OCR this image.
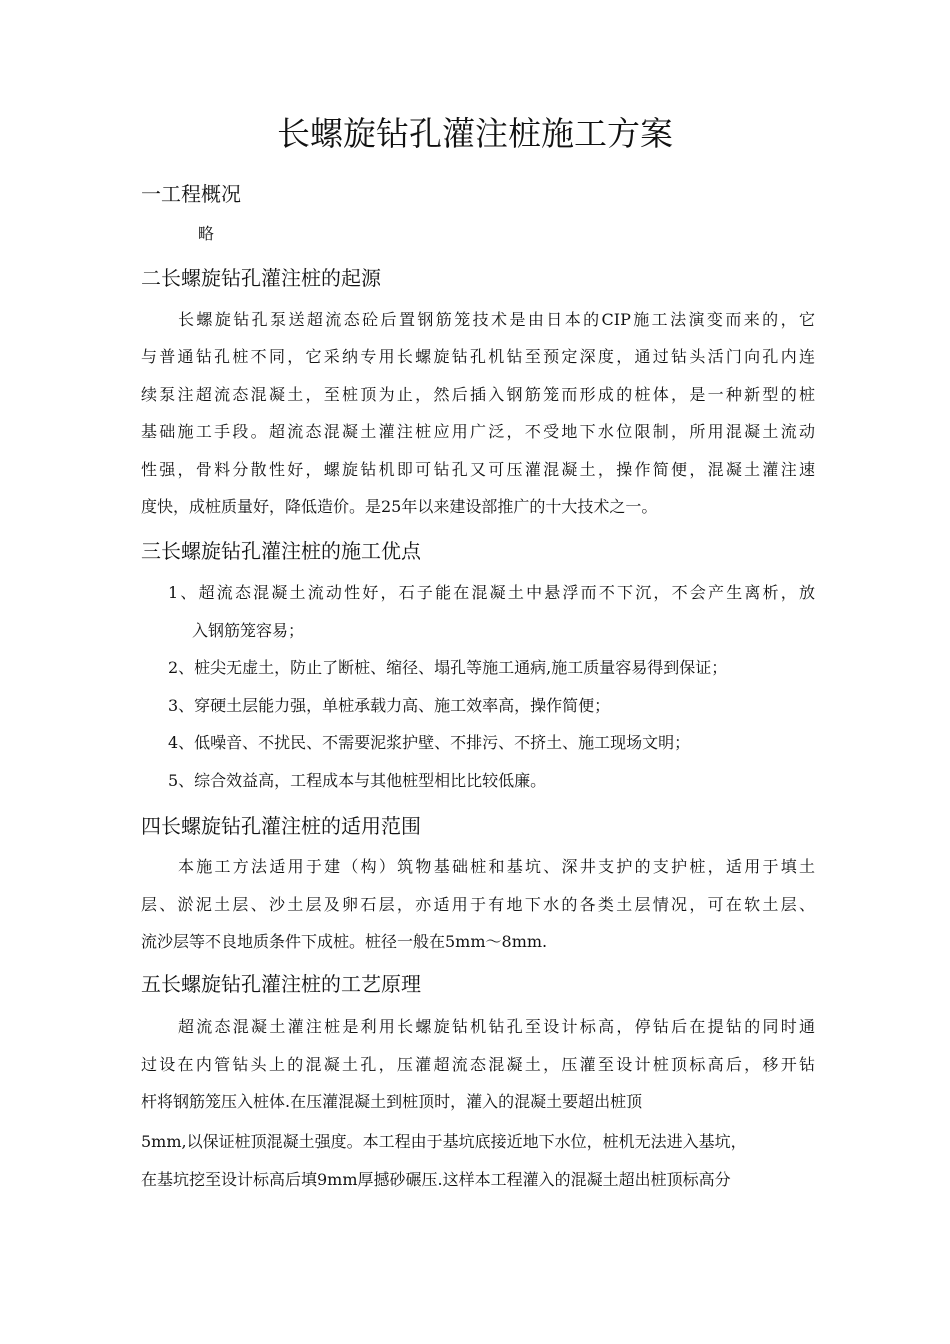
长螺旋钻孔灌注桩施工方案
一工程概况

略

二长螺旋钻孔灌注桩的起源

长螺旋钻孔泵送超流态砼后置钢筋笼技术是由日本的CIP施工法演变而来的，它

与普通钻孔桩不同，它采纳专用长螺旋钻孔机钻至预定深度，通过钻头活门向孔内连

续泵注超流态混凝土，至桩顶为止，然后插入钢筋笼而形成的桩体，是一种新型的桩

基础施工手段。超流态混凝土灌注桩应用广泛，不受地下水位限制，所用混凝土流动

性强，骨料分散性好，螺旋钻机即可钻孔又可压灌混凝土，操作简便，混凝土灌注速

度快，成桩质量好，降低造价。是25年以来建设部推广的十大技术之一。

三长螺旋钻孔灌注桩的施工优点

1、超流态混凝土流动性好，石子能在混凝土中悬浮而不下沉，不会产生离析，放

入钢筋笼容易；

2、桩尖无虚土，防止了断桩、缩径、塌孔等施工通病,施工质量容易得到保证；

3、穿硬土层能力强，单桩承载力高、施工效率高，操作简便；

4、低噪音、不扰民、不需要泥浆护壁、不排污、不挤土、施工现场文明；

5、综合效益高，工程成本与其他桩型相比比较低廉。

四长螺旋钻孔灌注桩的适用范围

本施工方法适用于建（构）筑物基础桩和基坑、深井支护的支护桩，适用于填土

层、淤泥土层、沙土层及卵石层，亦适用于有地下水的各类土层情况，可在软土层、

流沙层等不良地质条件下成桩。桩径一般在5mm～8mm.

五长螺旋钻孔灌注桩的工艺原理

超流态混凝土灌注桩是利用长螺旋钻机钻孔至设计标高，停钻后在提钻的同时通

过设在内管钻头上的混凝土孔，压灌超流态混凝土，压灌至设计桩顶标高后，移开钻

杆将钢筋笼压入桩体.在压灌混凝土到桩顶时，灌入的混凝土要超出桩顶

5mm,以保证桩顶混凝土强度。本工程由于基坑底接近地下水位，桩机无法进入基坑，

在基坑挖至设计标高后填9mm厚撼砂碾压.这样本工程灌入的混凝土超出桩顶标高分
